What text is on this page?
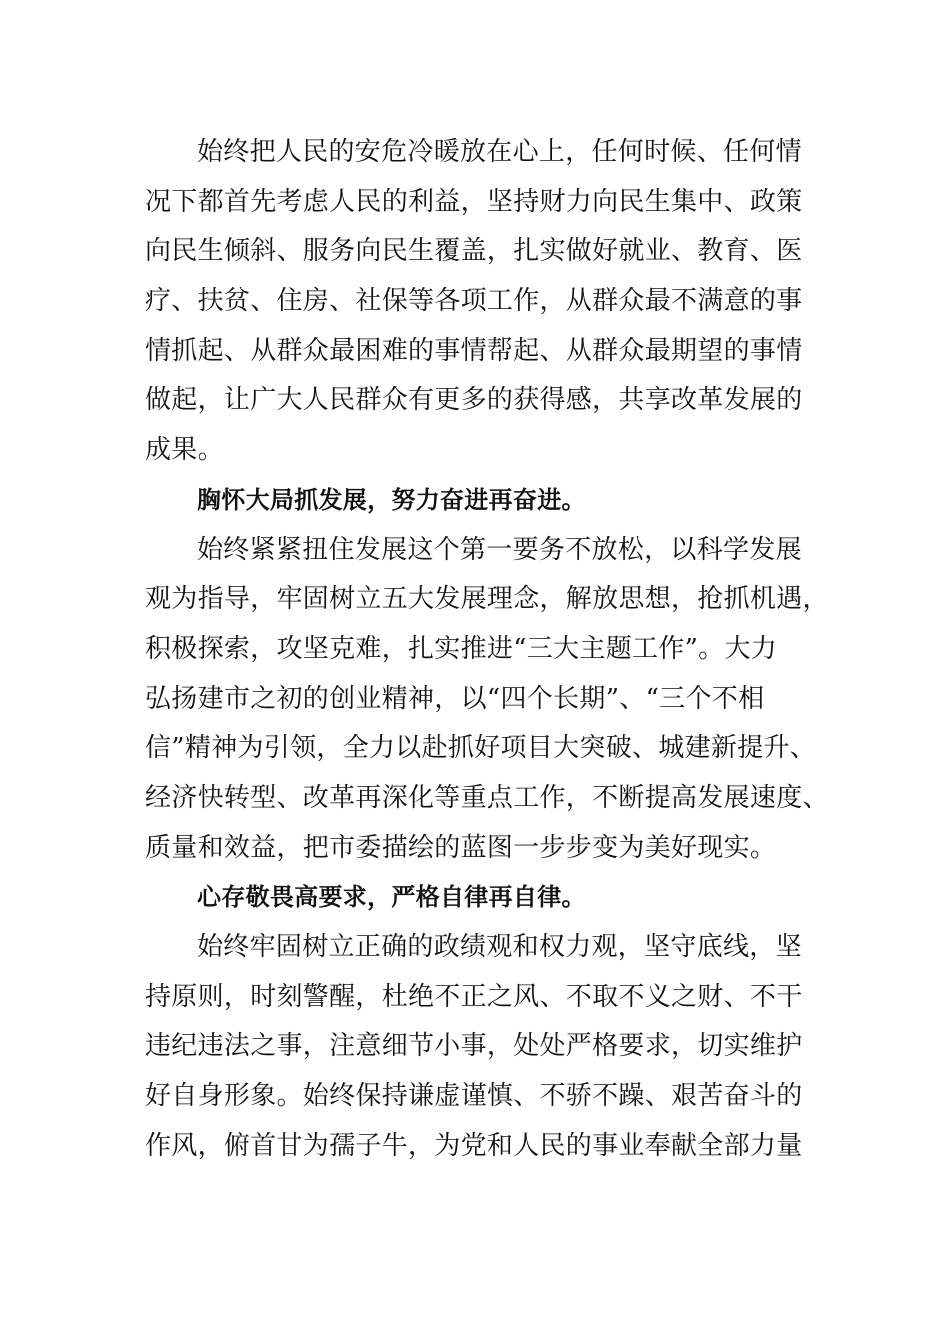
始终把人民的安危冷暖放在心上，任何时候、任何情
况下都首先考虑人民的利益，坚持财力向民生集中、政策
向民生倾斜、服务向民生覆盖，扎实做好就业、教育、医
疗、扶贫、住房、社保等各项工作，从群众最不满意的事
情抓起、从群众最困难的事情帮起、从群众最期望的事情
做起，让广大人民群众有更多的获得感，共享改革发展的
成果。
胸怀大局抓发展，努力奋进再奋进。
始终紧紧扭住发展这个第一要务不放松，以科学发展
观为指导，牢固树立五大发展理念，解放思想，抢抓机遇，
积极探索，攻坚克难，扎实推进“三大主题工作”。大力
弘扬建市之初的创业精神，以“四个长期”、“三个不相
信”精神为引领，全力以赴抓好项目大突破、城建新提升、
经济快转型、改革再深化等重点工作，不断提高发展速度、
质量和效益，把市委描绘的蓝图一步步变为美好现实。
心存敬畏高要求，严格自律再自律。
始终牢固树立正确的政绩观和权力观，坚守底线，坚
持原则，时刻警醒，杜绝不正之风、不取不义之财、不干
违纪违法之事，注意细节小事，处处严格要求，切实维护
好自身形象。始终保持谦虚谨慎、不骄不躁、艰苦奋斗的
作风，俯首甘为孺子牛，为党和人民的事业奉献全部力量
